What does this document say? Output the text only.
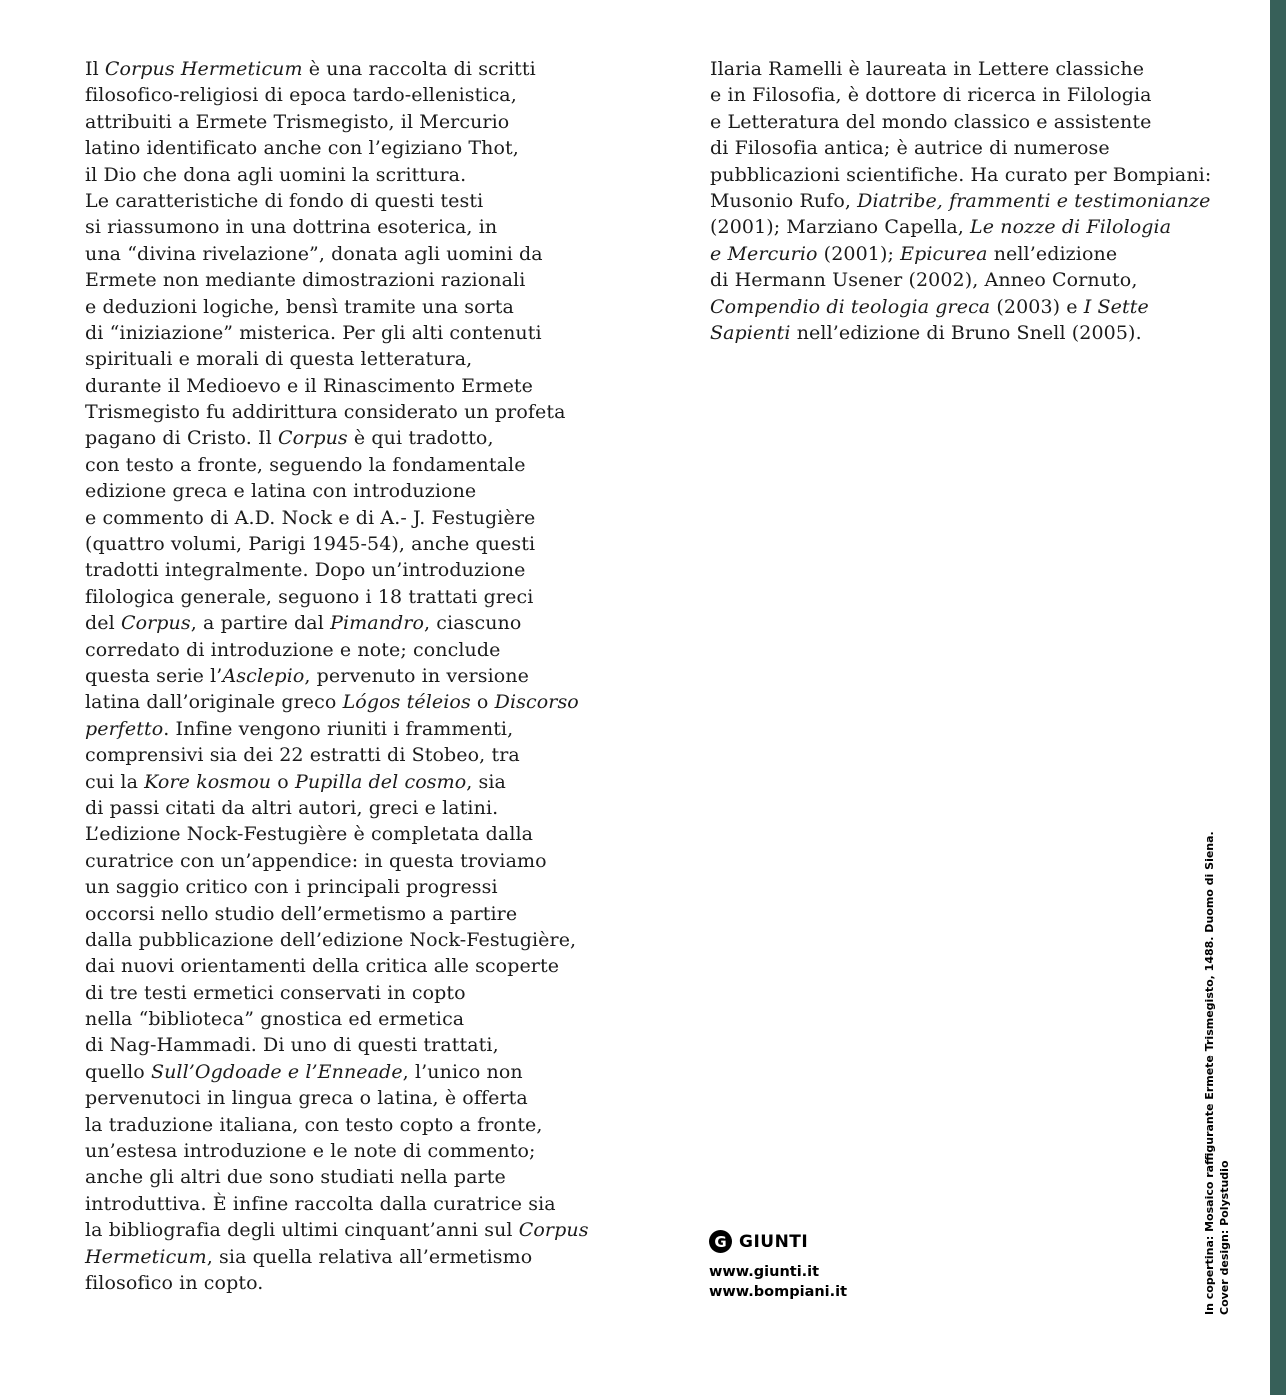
Il Corpus Hermeticum è una raccolta di scritti
filosofico-religiosi di epoca tardo-ellenistica,
attribuiti a Ermete Trismegisto, il Mercurio
latino identificato anche con l’egiziano Thot,
il Dio che dona agli uomini la scrittura.
Le caratteristiche di fondo di questi testi
si riassumono in una dottrina esoterica, in
una “divina rivelazione”, donata agli uomini da
Ermete non mediante dimostrazioni razionali
e deduzioni logiche, bensì tramite una sorta
di “iniziazione” misterica. Per gli alti contenuti
spirituali e morali di questa letteratura,
durante il Medioevo e il Rinascimento Ermete
Trismegisto fu addirittura considerato un profeta
pagano di Cristo. Il Corpus è qui tradotto,
con testo a fronte, seguendo la fondamentale
edizione greca e latina con introduzione
e commento di A.D. Nock e di A.- J. Festugière
(quattro volumi, Parigi 1945-54), anche questi
tradotti integralmente. Dopo un’introduzione
filologica generale, seguono i 18 trattati greci
del Corpus, a partire dal Pimandro, ciascuno
corredato di introduzione e note; conclude
questa serie l’Asclepio, pervenuto in versione
latina dall’originale greco Lógos téleios o Discorso
perfetto. Infine vengono riuniti i frammenti,
comprensivi sia dei 22 estratti di Stobeo, tra
cui la Kore kosmou o Pupilla del cosmo, sia
di passi citati da altri autori, greci e latini.
L’edizione Nock-Festugière è completata dalla
curatrice con un’appendice: in questa troviamo
un saggio critico con i principali progressi
occorsi nello studio dell’ermetismo a partire
dalla pubblicazione dell’edizione Nock-Festugière,
dai nuovi orientamenti della critica alle scoperte
di tre testi ermetici conservati in copto
nella “biblioteca” gnostica ed ermetica
di Nag-Hammadi. Di uno di questi trattati,
quello Sull’Ogdoade e l’Enneade, l’unico non
pervenutoci in lingua greca o latina, è offerta
la traduzione italiana, con testo copto a fronte,
un’estesa introduzione e le note di commento;
anche gli altri due sono studiati nella parte
introduttiva. È infine raccolta dalla curatrice sia
la bibliografia degli ultimi cinquant’anni sul Corpus
Hermeticum, sia quella relativa all’ermetismo
filosofico in copto.
Ilaria Ramelli è laureata in Lettere classiche
e in Filosofia, è dottore di ricerca in Filologia
e Letteratura del mondo classico e assistente
di Filosofia antica; è autrice di numerose
pubblicazioni scientifiche. Ha curato per Bompiani:
Musonio Rufo, Diatribe, frammenti e testimonianze
(2001); Marziano Capella, Le nozze di Filologia
e Mercurio (2001); Epicurea nell’edizione
di Hermann Usener (2002), Anneo Cornuto,
Compendio di teologia greca (2003) e I Sette
Sapienti nell’edizione di Bruno Snell (2005).
G GIUNTI
www.giunti.it
www.bompiani.it	In copertina: Mosaico raffigurante Ermete Trismegisto, 1488. Duomo di Siena. Cover design: Polystudio
